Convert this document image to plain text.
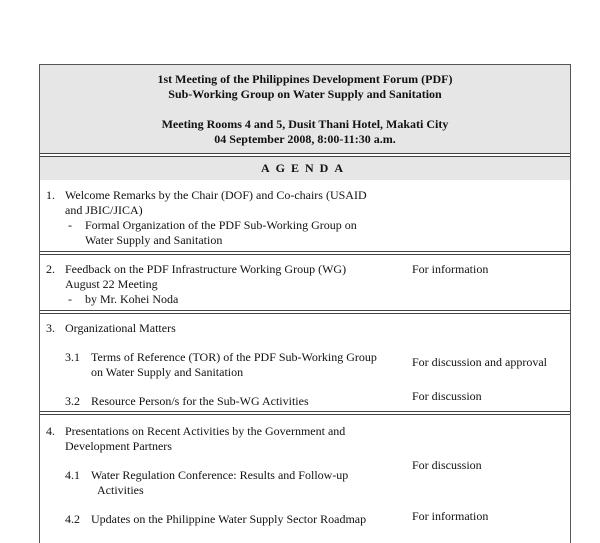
1st Meeting of the Philippines Development Forum (PDF)
Sub-Working Group on Water Supply and Sanitation
Meeting Rooms 4 and 5, Dusit Thani Hotel, Makati City
04 September 2008, 8:00-11:30 a.m.
AGENDA
1. Welcome Remarks by the Chair (DOF) and Co-chairs (USAID
and JBIC/JICA)
- Formal Organization of the PDF Sub-Working Group on
Water Supply and Sanitation
2. Feedback on the PDF Infrastructure Working Group (WG)
August 22 Meeting
- by Mr. Kohei Noda
For information
3. Organizational Matters
3.1 Terms of Reference (TOR) of the PDF Sub-Working Group
on Water Supply and Sanitation
For discussion and approval
3.2 Resource Person/s for the Sub-WG Activities	For discussion
4. Presentations on Recent Activities by the Government and
Development Partners
4.1 Water Regulation Conference: Results and Follow-up
Activities
For discussion
4.2 Updates on the Philippine Water Supply Sector Roadmap	For information
